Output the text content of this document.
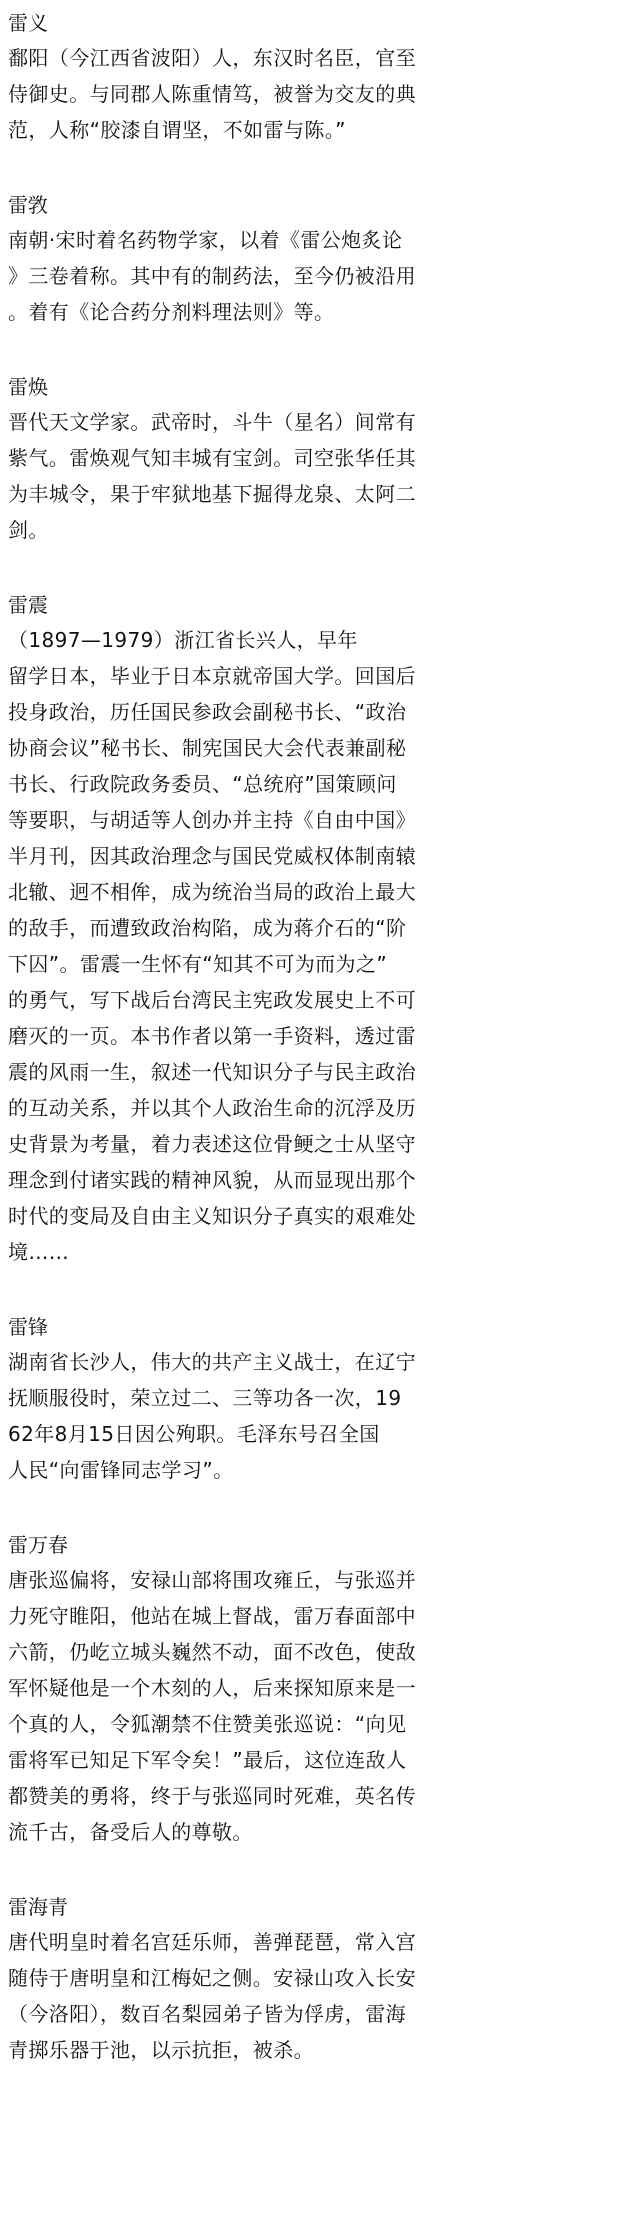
雷义
鄱阳（今江西省波阳）人，东汉时名臣，官至
侍御史。与同郡人陈重情笃，被誉为交友的典
范，人称“胶漆自谓坚，不如雷与陈。”
雷敩
南朝·宋时着名药物学家，以着《雷公炮炙论
》三卷着称。其中有的制药法，至今仍被沿用
。着有《论合药分剂料理法则》等。
雷焕
晋代天文学家。武帝时，斗牛（星名）间常有
紫气。雷焕观气知丰城有宝剑。司空张华任其
为丰城令，果于牢狱地基下掘得龙泉、太阿二
剑。
雷震
（1897—1979）浙江省长兴人，早年
留学日本，毕业于日本京就帝国大学。回国后
投身政治，历任国民参政会副秘书长、“政治
协商会议”秘书长、制宪国民大会代表兼副秘
书长、行政院政务委员、“总统府”国策顾问
等要职，与胡适等人创办并主持《自由中国》
半月刊，因其政治理念与国民党威权体制南辕
北辙、迥不相侔，成为统治当局的政治上最大
的敌手，而遭致政治构陷，成为蒋介石的“阶
下囚”。雷震一生怀有“知其不可为而为之”
的勇气，写下战后台湾民主宪政发展史上不可
磨灭的一页。本书作者以第一手资料，透过雷
震的风雨一生，叙述一代知识分子与民主政治
的互动关系，并以其个人政治生命的沉浮及历
史背景为考量，着力表述这位骨鲠之士从坚守
理念到付诸实践的精神风貌，从而显现出那个
时代的变局及自由主义知识分子真实的艰难处
境……
雷锋
湖南省长沙人，伟大的共产主义战士，在辽宁
抚顺服役时，荣立过二、三等功各一次，19
62年8月15日因公殉职。毛泽东号召全国
人民“向雷锋同志学习”。
雷万春
唐张巡偏将，安禄山部将围攻雍丘，与张巡并
力死守睢阳，他站在城上督战，雷万春面部中
六箭，仍屹立城头巍然不动，面不改色，使敌
军怀疑他是一个木刻的人，后来探知原来是一
个真的人，令狐潮禁不住赞美张巡说：“向见
雷将军已知足下军令矣！”最后，这位连敌人
都赞美的勇将，终于与张巡同时死难，英名传
流千古，备受后人的尊敬。
雷海青
唐代明皇时着名宫廷乐师，善弹琵琶，常入宫
随侍于唐明皇和江梅妃之侧。安禄山攻入长安
（今洛阳），数百名梨园弟子皆为俘虏，雷海
青掷乐器于池，以示抗拒，被杀。
